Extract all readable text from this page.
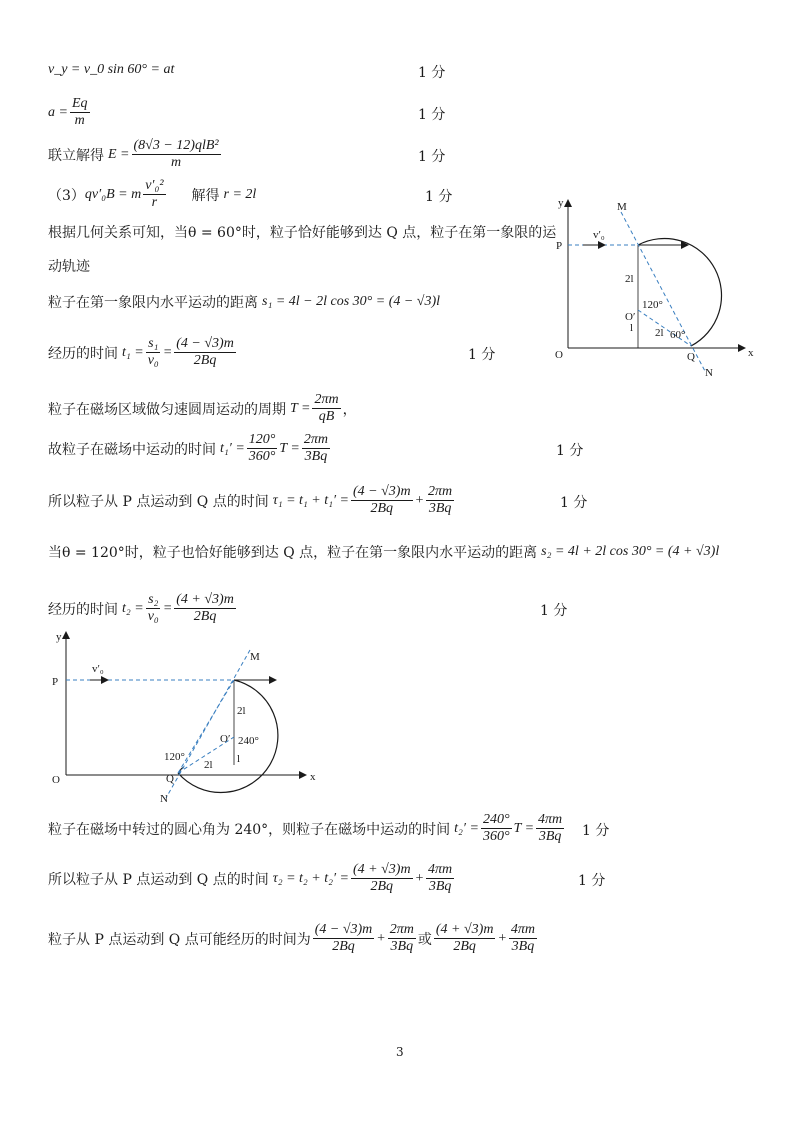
v_y = v_0 sin 60° = at	1 分
$a = \frac{Eq}{m}$	1 分
联立解得 $E = \frac{\text{(8√3 − 12)qlB²}}{m}$	1 分
（3） qv′₀B = m $\frac{\text{v′₀²}}{r}$ 解得 r = 2l	1 分
根据几何关系可知，当θ = 60°时，粒子恰好能够到达 Q 点，粒子在第一象限的运
动轨迹
粒子在第一象限内水平运动的距离 s₁ = 4l − 2l cos 30° = (4 − √3)l
经历的时间 $t_1 = \frac{\text{s₁}}{\text{v₀}} = \frac{(4 - √3)m}{2Bq}$	1 分
y
x
O
P
M
N
Q
O′
v′₀
2l
2l
l
120°
60°
粒子在磁场区域做匀速圆周运动的周期 $T = \frac{2\pi m}{qB}$ ，
故粒子在磁场中运动的时间 $t_1' = \frac{120^\circ}{360^\circ}$ $T = \frac{2\pi m}{3Bq}$	1 分
所以粒子从 P 点运动到 Q 点的时间 $\tau_1 = t_1 + t_1' = \frac{(4 - √3)m}{2Bq} + \frac{2\pi m}{3Bq}$	1 分
当θ = 120°时，粒子也恰好能够到达 Q 点，粒子在第一象限内水平运动的距离 s₂ = 4l + 2l cos 30° = (4 + √3)l
经历的时间 $t_2 = \frac{\text{s₂}}{\text{v₀}} = \frac{(4 + √3)m}{2Bq}$	1 分
y
x
O
P
M
N
Q
O′
v′₀
2l
2l l
120°
240°
粒子在磁场中转过的圆心角为 240°，则粒子在磁场中运动的时间 $t_2' = \frac{240^\circ}{360^\circ}$ $T = \frac{4\pi m}{3Bq} 1$ 分
所以粒子从 P 点运动到 Q 点的时间 $\tau_2 = t_2 + t_2' = \frac{(4 + √3)m}{2Bq} + \frac{4\pi m}{3Bq}$	1 分
粒子从 P 点运动到 Q 点可能经历的时间为 $\frac{(4 - √3)m}{2Bq} + \frac{2\pi m}{3Bq}$ 或 $\frac{(4 + √3)m}{2Bq} + \frac{4\pi m}{3Bq}$
3
